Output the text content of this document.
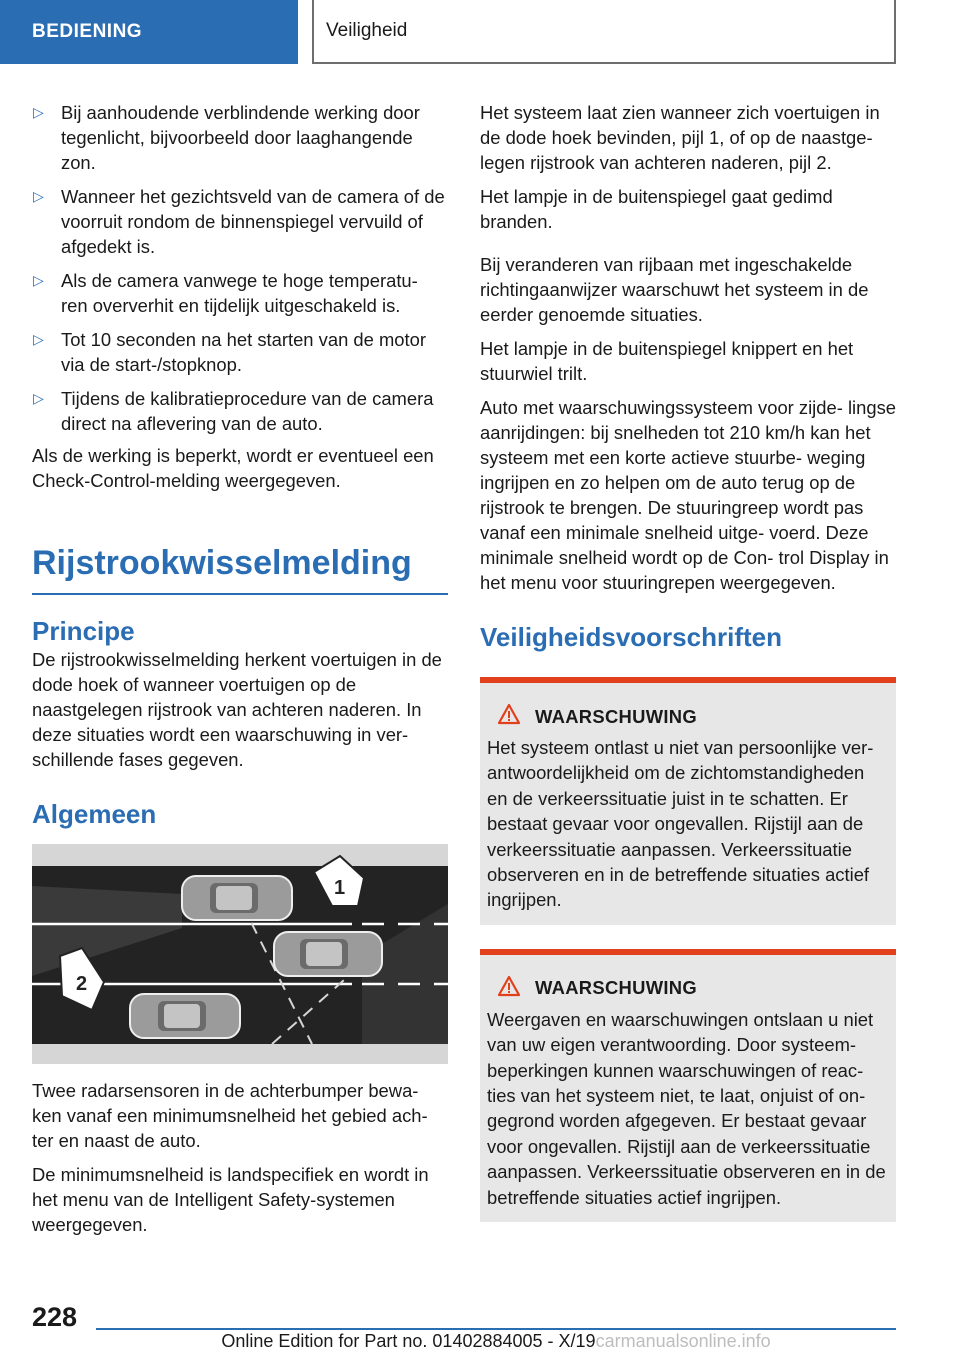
BEDIENING	Veiligheid
▷ Bij aanhoudende verblindende werking door tegenlicht, bijvoorbeeld door laaghangende zon.
▷ Wanneer het gezichtsveld van de camera of de voorruit rondom de binnenspiegel vervuild of afgedekt is.
▷ Als de camera vanwege te hoge temperatu‐ ren oververhit en tijdelijk uitgeschakeld is.
▷ Tot 10 seconden na het starten van de motor via de start-/stopknop.
▷ Tijdens de kalibratieprocedure van de camera direct na aflevering van de auto.

Als de werking is beperkt, wordt er eventueel een Check-Control-melding weergegeven.

Rijstrookwisselmelding
Principe

De rijstrookwisselmelding herkent voertuigen in de dode hoek of wanneer voertuigen op de naastgelegen rijstrook van achteren naderen. In deze situaties wordt een waarschuwing in ver‐ schillende fases gegeven.

Algemeen
1
2

Twee radarsensoren in de achterbumper bewa‐ ken vanaf een minimumsnelheid het gebied ach‐ ter en naast de auto.

De minimumsnelheid is landspecifiek en wordt in het menu van de Intelligent Safety-systemen weergegeven.

Het systeem laat zien wanneer zich voertuigen in de dode hoek bevinden, pijl 1, of op de naastge‐ legen rijstrook van achteren naderen, pijl 2.

Het lampje in de buitenspiegel gaat gedimd branden.

Bij veranderen van rijbaan met ingeschakelde richtingaanwijzer waarschuwt het systeem in de eerder genoemde situaties.

Het lampje in de buitenspiegel knippert en het stuurwiel trilt.

Auto met waarschuwingssysteem voor zijde‐ lingse aanrijdingen: bij snelheden tot 210 km/h kan het systeem met een korte actieve stuurbe‐ weging ingrijpen en zo helpen om de auto terug op de rijstrook te brengen. De stuuringreep wordt pas vanaf een minimale snelheid uitge‐ voerd. Deze minimale snelheid wordt op de Con‐ trol Display in het menu voor stuuringrepen weergegeven.

Veiligheidsvoorschriften
WAARSCHUWING

Het systeem ontlast u niet van persoonlijke ver‐ antwoordelijkheid om de zichtomstandigheden en de verkeerssituatie juist in te schatten. Er bestaat gevaar voor ongevallen. Rijstijl aan de verkeerssituatie aanpassen. Verkeerssituatie observeren en in de betreffende situaties actief ingrijpen.

WAARSCHUWING

Weergaven en waarschuwingen ontslaan u niet van uw eigen verantwoording. Door systeem‐ beperkingen kunnen waarschuwingen of reac‐ ties van het systeem niet, te laat, onjuist of on‐ gegrond worden afgegeven. Er bestaat gevaar voor ongevallen. Rijstijl aan de verkeerssituatie aanpassen. Verkeerssituatie observeren en in de betreffende situaties actief ingrijpen.

228
Online Edition for Part no. 01402884005 - X/19carmanualsonline.info
